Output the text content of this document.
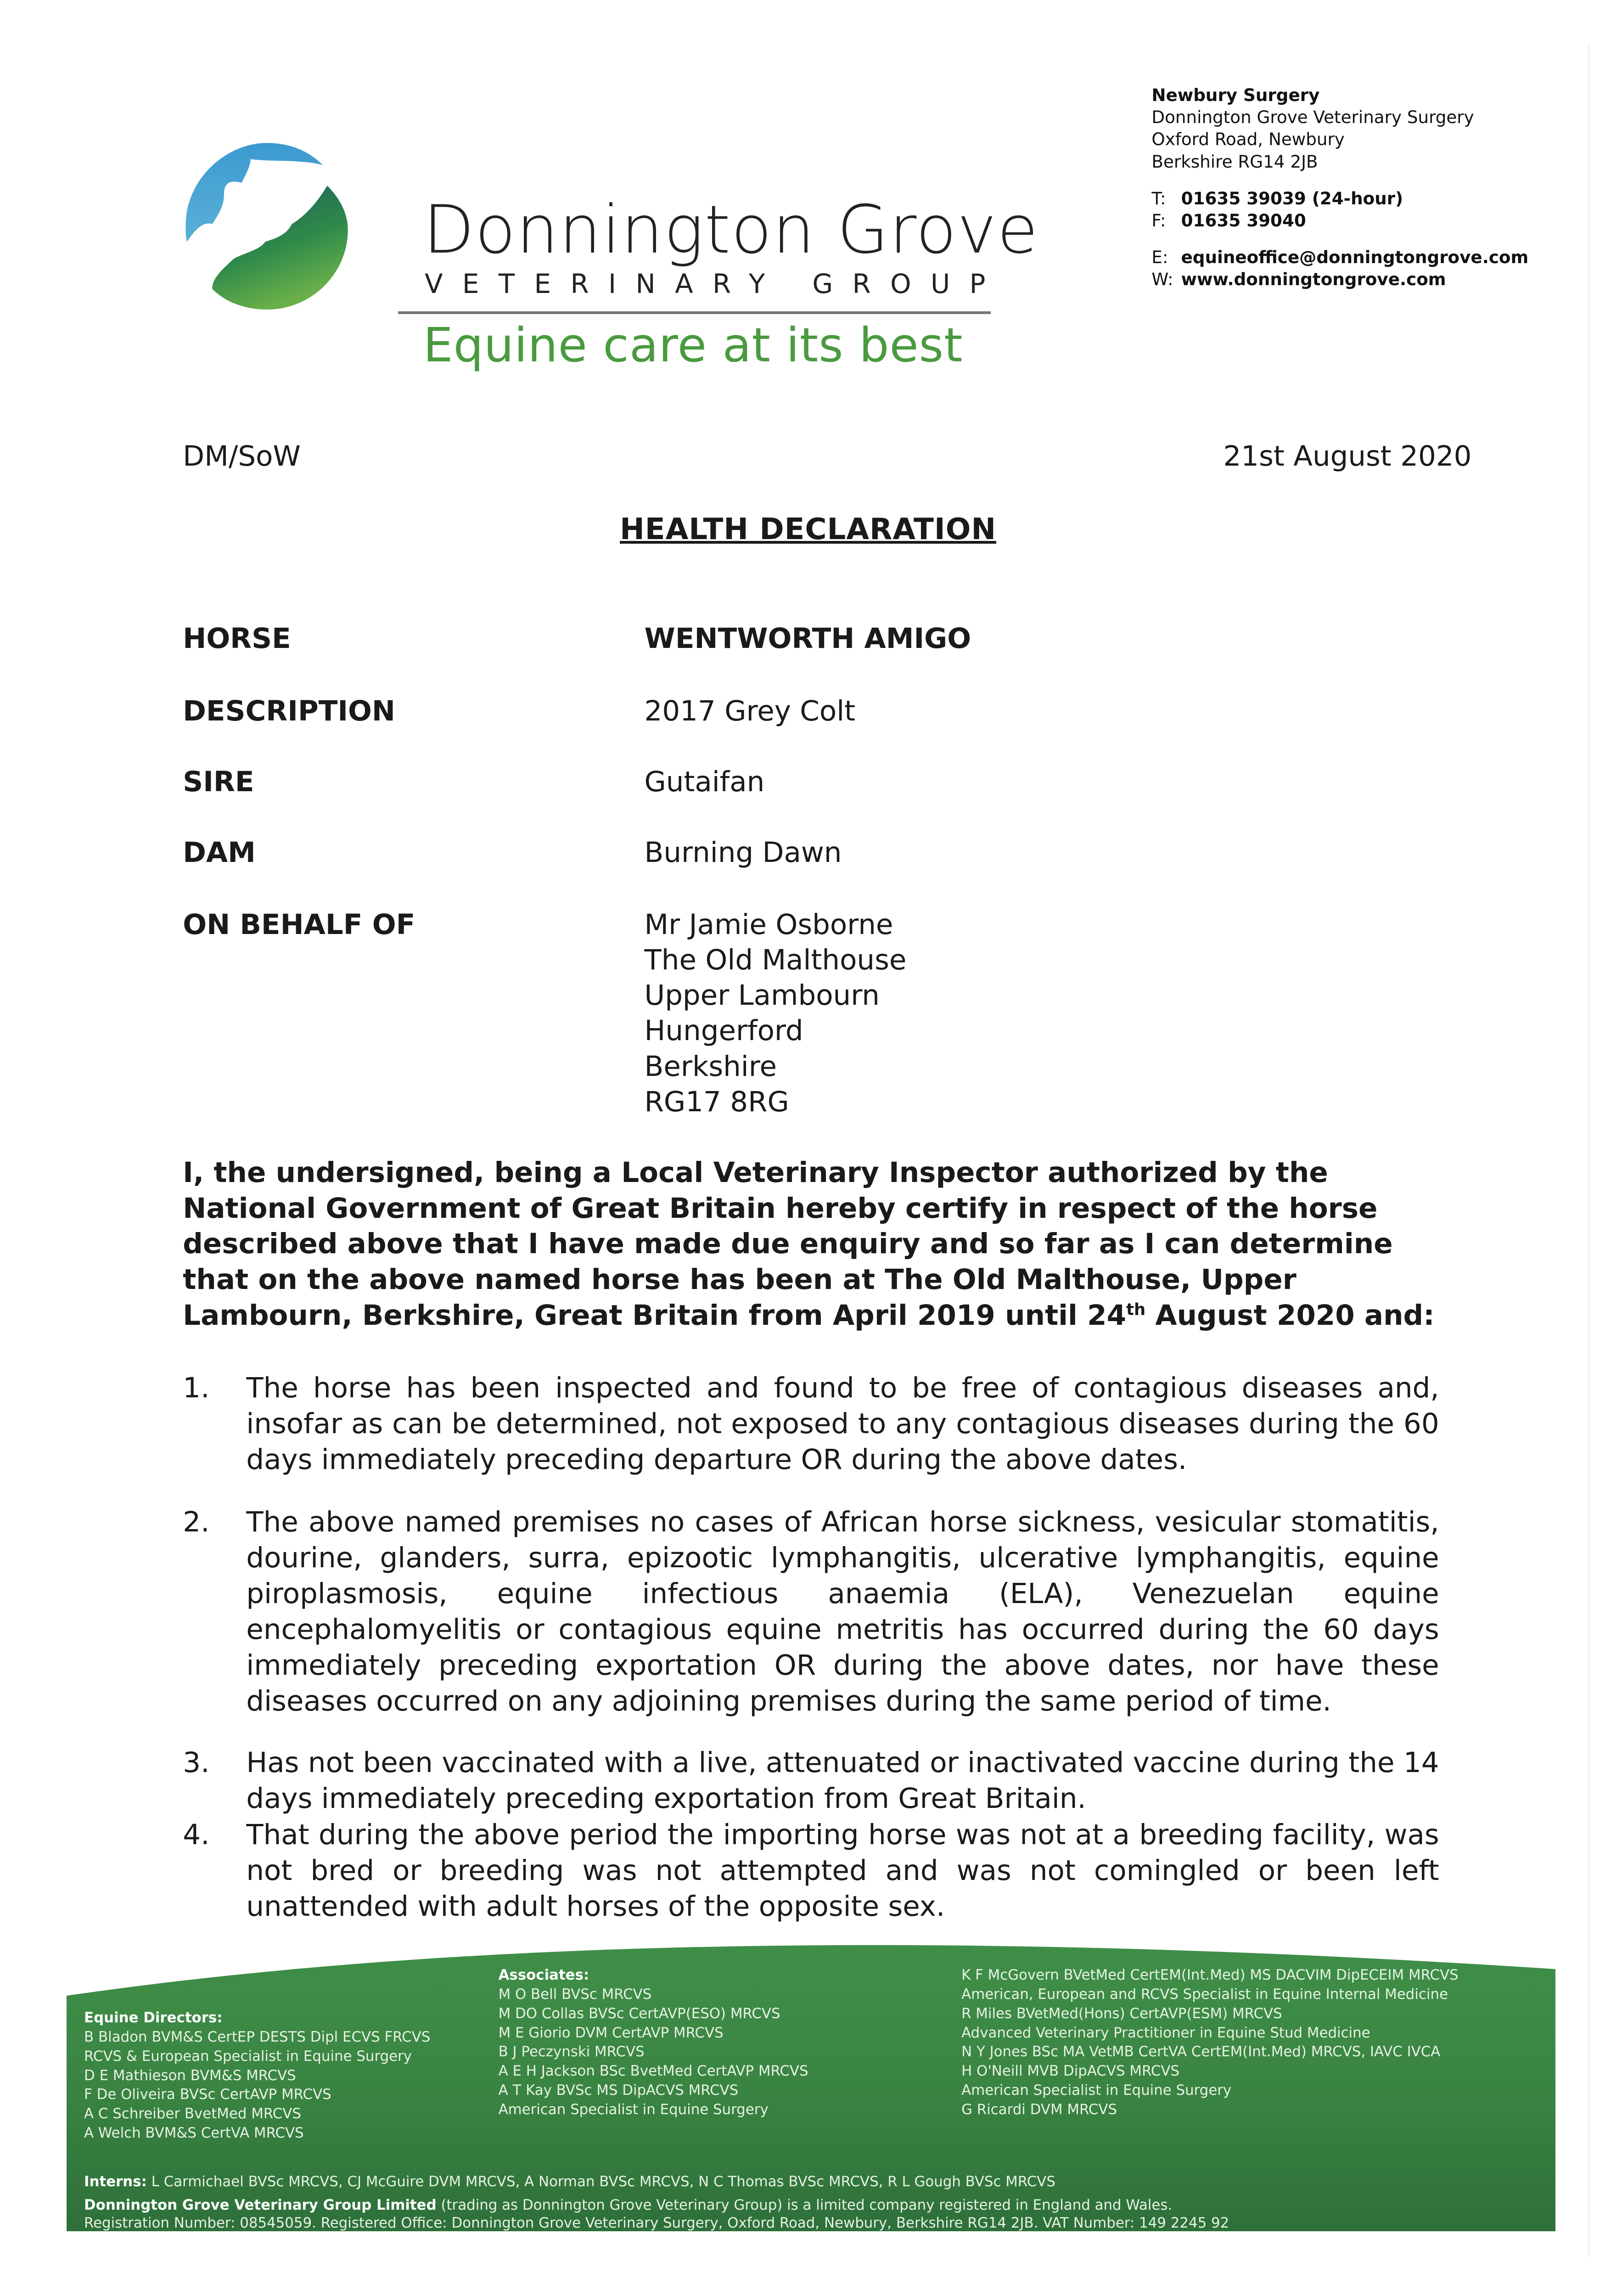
Donnington Grove
VETERINARY GROUP
Equine care at its best
Newbury Surgery
Donnington Grove Veterinary Surgery
Oxford Road, Newbury
Berkshire RG14 2JB
T: 01635 39039 (24-hour)
F: 01635 39040
E: equineoffice@donningtongrove.com
W: www.donningtongrove.com
DM/SoW	21st August 2020
HEALTH DECLARATION
HORSE	WENTWORTH AMIGO
DESCRIPTION	2017 Grey Colt
SIRE	Gutaifan
DAM	Burning Dawn
ON BEHALF OF	Mr Jamie Osborne
The Old Malthouse
Upper Lambourn
Hungerford
Berkshire
RG17 8RG
I, the undersigned, being a Local Veterinary Inspector authorized by the National Government of Great Britain hereby certify in respect of the horse described above that I have made due enquiry and so far as I can determine that on the above named horse has been at The Old Malthouse, Upper Lambourn, Berkshire, Great Britain from April 2019 until 24th August 2020 and:
1.	The horse has been inspected and found to be free of contagious diseases and, insofar as can be determined, not exposed to any contagious diseases during the 60 days immediately preceding departure OR during the above dates.
2.	The above named premises no cases of African horse sickness, vesicular stomatitis, dourine, glanders, surra, epizootic lymphangitis, ulcerative lymphangitis, equine piroplasmosis, equine infectious anaemia (ELA), Venezuelan equine encephalomyelitis or contagious equine metritis has occurred during the 60 days immediately preceding exportation OR during the above dates, nor have these diseases occurred on any adjoining premises during the same period of time.
3.	Has not been vaccinated with a live, attenuated or inactivated vaccine during the 14 days immediately preceding exportation from Great Britain.
4.	That during the above period the importing horse was not at a breeding facility, was not bred or breeding was not attempted and was not comingled or been left unattended with adult horses of the opposite sex.
Equine Directors:
B Bladon BVM&S CertEP DESTS Dipl ECVS FRCVS
RCVS & European Specialist in Equine Surgery
D E Mathieson BVM&S MRCVS
F De Oliveira BVSc CertAVP MRCVS
A C Schreiber BvetMed MRCVS
A Welch BVM&S CertVA MRCVS
Associates:
M O Bell BVSc MRCVS
M DO Collas BVSc CertAVP(ESO) MRCVS
M E Giorio DVM CertAVP MRCVS
B J Peczynski MRCVS
A E H Jackson BSc BvetMed CertAVP MRCVS
A T Kay BVSc MS DipACVS MRCVS
American Specialist in Equine Surgery
K F McGovern BVetMed CertEM(Int.Med) MS DACVIM DipECEIM MRCVS
American, European and RCVS Specialist in Equine Internal Medicine
R Miles BVetMed(Hons) CertAVP(ESM) MRCVS
Advanced Veterinary Practitioner in Equine Stud Medicine
N Y Jones BSc MA VetMB CertVA CertEM(Int.Med) MRCVS, IAVC IVCA
H O'Neill MVB DipACVS MRCVS
American Specialist in Equine Surgery
G Ricardi DVM MRCVS
Interns: L Carmichael BVSc MRCVS, CJ McGuire DVM MRCVS, A Norman BVSc MRCVS, N C Thomas BVSc MRCVS, R L Gough BVSc MRCVS
Donnington Grove Veterinary Group Limited (trading as Donnington Grove Veterinary Group) is a limited company registered in England and Wales.
Registration Number: 08545059. Registered Office: Donnington Grove Veterinary Surgery, Oxford Road, Newbury, Berkshire RG14 2JB. VAT Number: 149 2245 92
